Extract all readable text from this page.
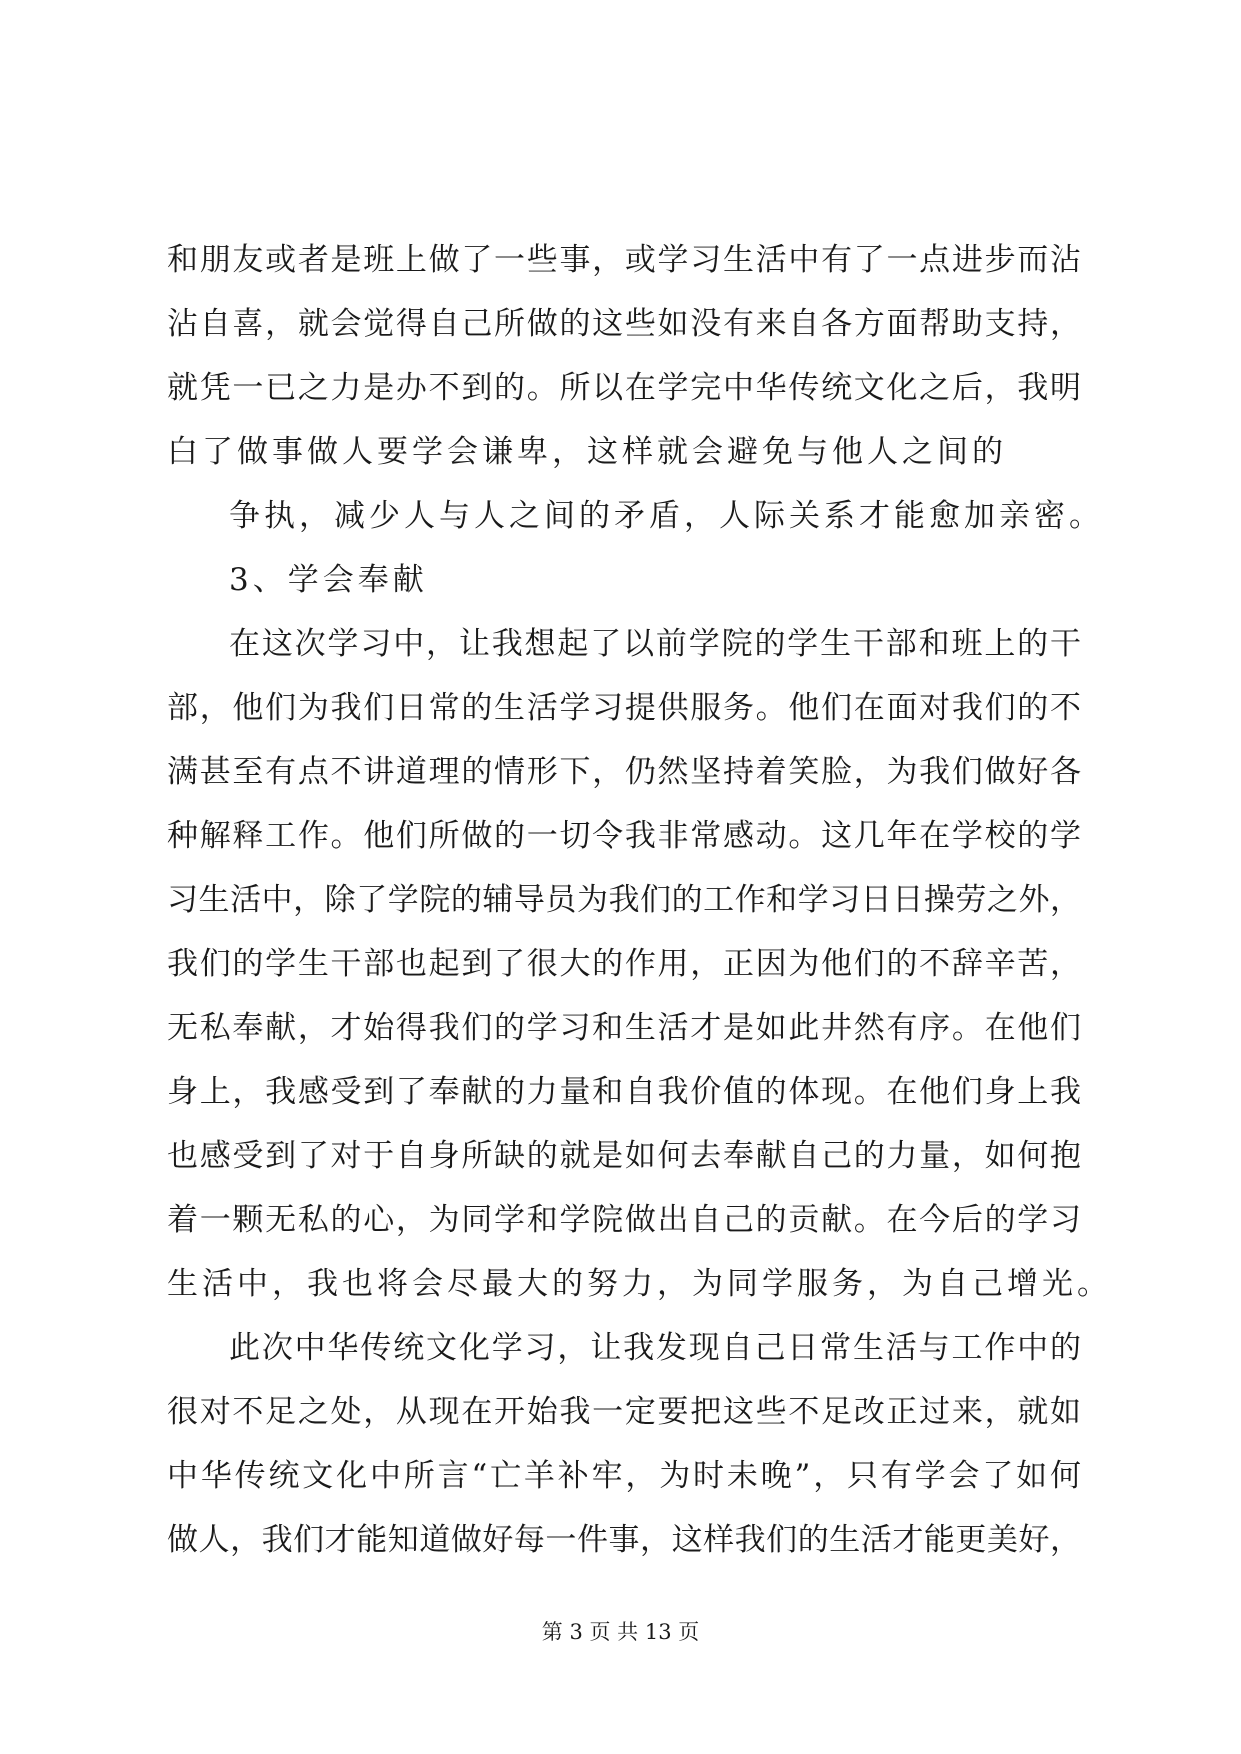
和朋友或者是班上做了一些事，或学习生活中有了一点进步而沾
沾自喜，就会觉得自己所做的这些如没有来自各方面帮助支持，
就凭一已之力是办不到的。所以在学完中华传统文化之后，我明
白了做事做人要学会谦卑，这样就会避免与他人之间的
争执，减少人与人之间的矛盾，人际关系才能愈加亲密。
3、学会奉献
在这次学习中，让我想起了以前学院的学生干部和班上的干
部，他们为我们日常的生活学习提供服务。他们在面对我们的不
满甚至有点不讲道理的情形下，仍然坚持着笑脸，为我们做好各
种解释工作。他们所做的一切令我非常感动。这几年在学校的学
习生活中，除了学院的辅导员为我们的工作和学习日日操劳之外，
我们的学生干部也起到了很大的作用，正因为他们的不辞辛苦，
无私奉献，才始得我们的学习和生活才是如此井然有序。在他们
身上，我感受到了奉献的力量和自我价值的体现。在他们身上我
也感受到了对于自身所缺的就是如何去奉献自己的力量，如何抱
着一颗无私的心，为同学和学院做出自己的贡献。在今后的学习
生活中，我也将会尽最大的努力，为同学服务，为自己增光。
此次中华传统文化学习，让我发现自己日常生活与工作中的
很对不足之处，从现在开始我一定要把这些不足改正过来，就如
中华传统文化中所言“亡羊补牢，为时未晚”，只有学会了如何
做人，我们才能知道做好每一件事，这样我们的生活才能更美好，
第 3 页 共 13 页
